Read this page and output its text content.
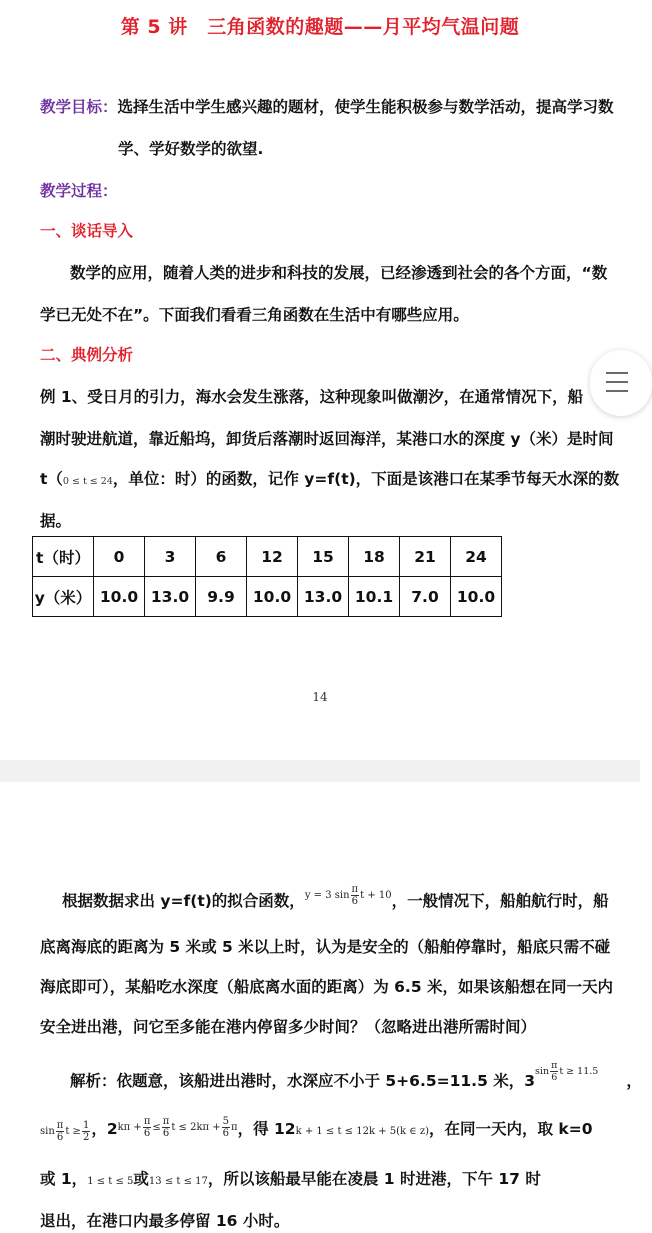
第 5 讲　三角函数的趣题——月平均气温问题
教学目标：选择生活中学生感兴趣的题材，使学生能积极参与数学活动，提高学习数
学、学好数学的欲望.
教学过程：
一、谈话导入
数学的应用，随着人类的进步和科技的发展，已经渗透到社会的各个方面，“数
学已无处不在”。下面我们看看三角函数在生活中有哪些应用。
二、典例分析
例 1、受日月的引力，海水会发生涨落，这种现象叫做潮汐，在通常情况下，船
潮时驶进航道，靠近船坞，卸货后落潮时返回海洋，某港口水的深度 y（米）是时间
t（0 ≤ t ≤ 24，单位：时）的函数，记作 y=f(t)，下面是该港口在某季节每天水深的数
据。
t（时）	0	3	6	12	15	18	21	24
y（米）	10.0	13.0	9.9	10.0	13.0	10.1	7.0	10.0
14
根据数据求出 y=f(t)的拟合函数，$^{y = 3 sin \frac{\pi}{6} t + 10}$，一般情况下，船舶航行时，船
底离海底的距离为 5 米或 5 米以上时，认为是安全的（船舶停靠时，船底只需不碰
海底即可），某船吃水深度（船底离水面的距离）为 6.5 米，如果该船想在同一天内
安全进出港，问它至多能在港内停留多少时间？（忽略进出港所需时间）
解析：依题意，该船进出港时，水深应不小于 5+6.5=11.5 米，$3^{sin \frac{\pi}{6} t \ge 11.5}$，
$\sin \frac{\pi}{6}$ $t \ge \frac{1}{2}$ ，$2^{k\pi + \frac{\pi}{6} \le \frac{\pi}{6} t \le 2k\pi + \frac{5}{6} \pi}$，得 12k + 1 ≤ t ≤ 12k + 5(k ∈ z)，在同一天内，取 k=0
或 1，1 ≤ t ≤ 5或13 ≤ t ≤ 17，所以该船最早能在凌晨 1 时进港，下午 17 时
退出，在港口内最多停留 16 小时。
